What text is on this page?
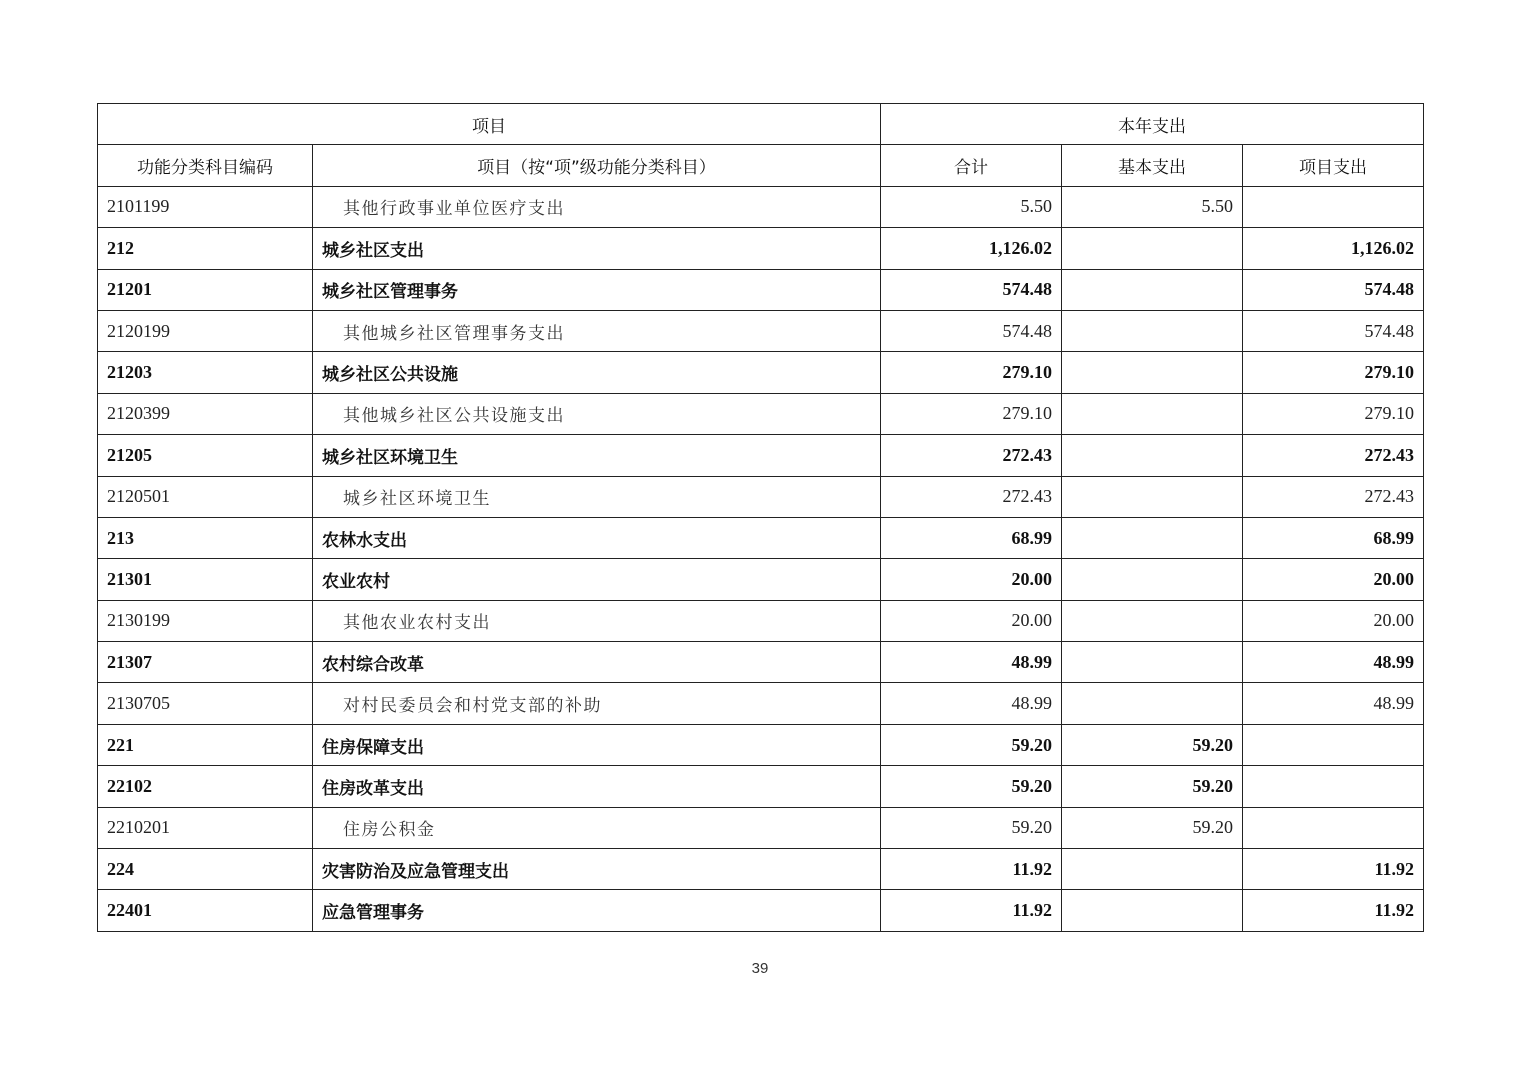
项目		本年支出		
功能分类科目编码	项目（按“项”级功能分类科目）	合计	基本支出	项目支出
2101199	其他行政事业单位医疗支出	5.50	5.50	
212	城乡社区支出	1,126.02		1,126.02
21201	城乡社区管理事务	574.48		574.48
2120199	其他城乡社区管理事务支出	574.48		574.48
21203	城乡社区公共设施	279.10		279.10
2120399	其他城乡社区公共设施支出	279.10		279.10
21205	城乡社区环境卫生	272.43		272.43
2120501	城乡社区环境卫生	272.43		272.43
213	农林水支出	68.99		68.99
21301	农业农村	20.00		20.00
2130199	其他农业农村支出	20.00		20.00
21307	农村综合改革	48.99		48.99
2130705	对村民委员会和村党支部的补助	48.99		48.99
221	住房保障支出	59.20	59.20	
22102	住房改革支出	59.20	59.20	
2210201	住房公积金	59.20	59.20	
224	灾害防治及应急管理支出	11.92		11.92
22401	应急管理事务	11.92		11.92
39
